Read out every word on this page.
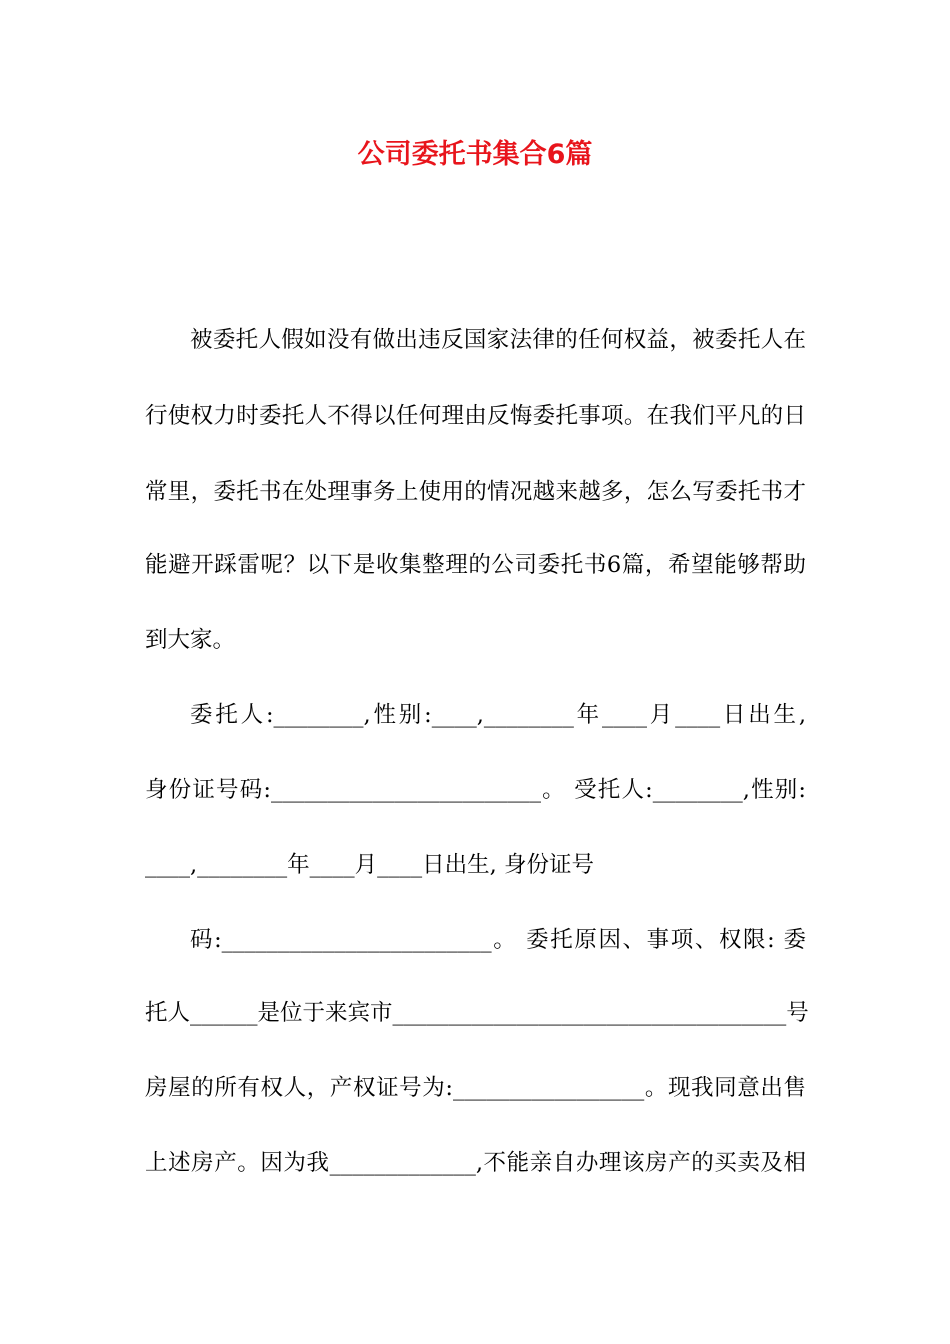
公司委托书集合6篇
被委托人假如没有做出违反国家法律的任何权益，被委托人在
行使权力时委托人不得以任何理由反悔委托事项。在我们平凡的日
常里，委托书在处理事务上使用的情况越来越多，怎么写委托书才
能避开踩雷呢？以下是收集整理的公司委托书6篇，希望能够帮助
到大家。
委托人:________,性别:____,________年____月____日出生,
身份证号码:________________________。 受托人:________,性别:
____,________年____月____日出生, 身份证号
码:________________________。 委托原因、事项、权限: 委
托人______是位于来宾市___________________________________号
房屋的所有权人，产权证号为:_________________。现我同意出售
上述房产。因为我_____________,不能亲自办理该房产的买卖及相
